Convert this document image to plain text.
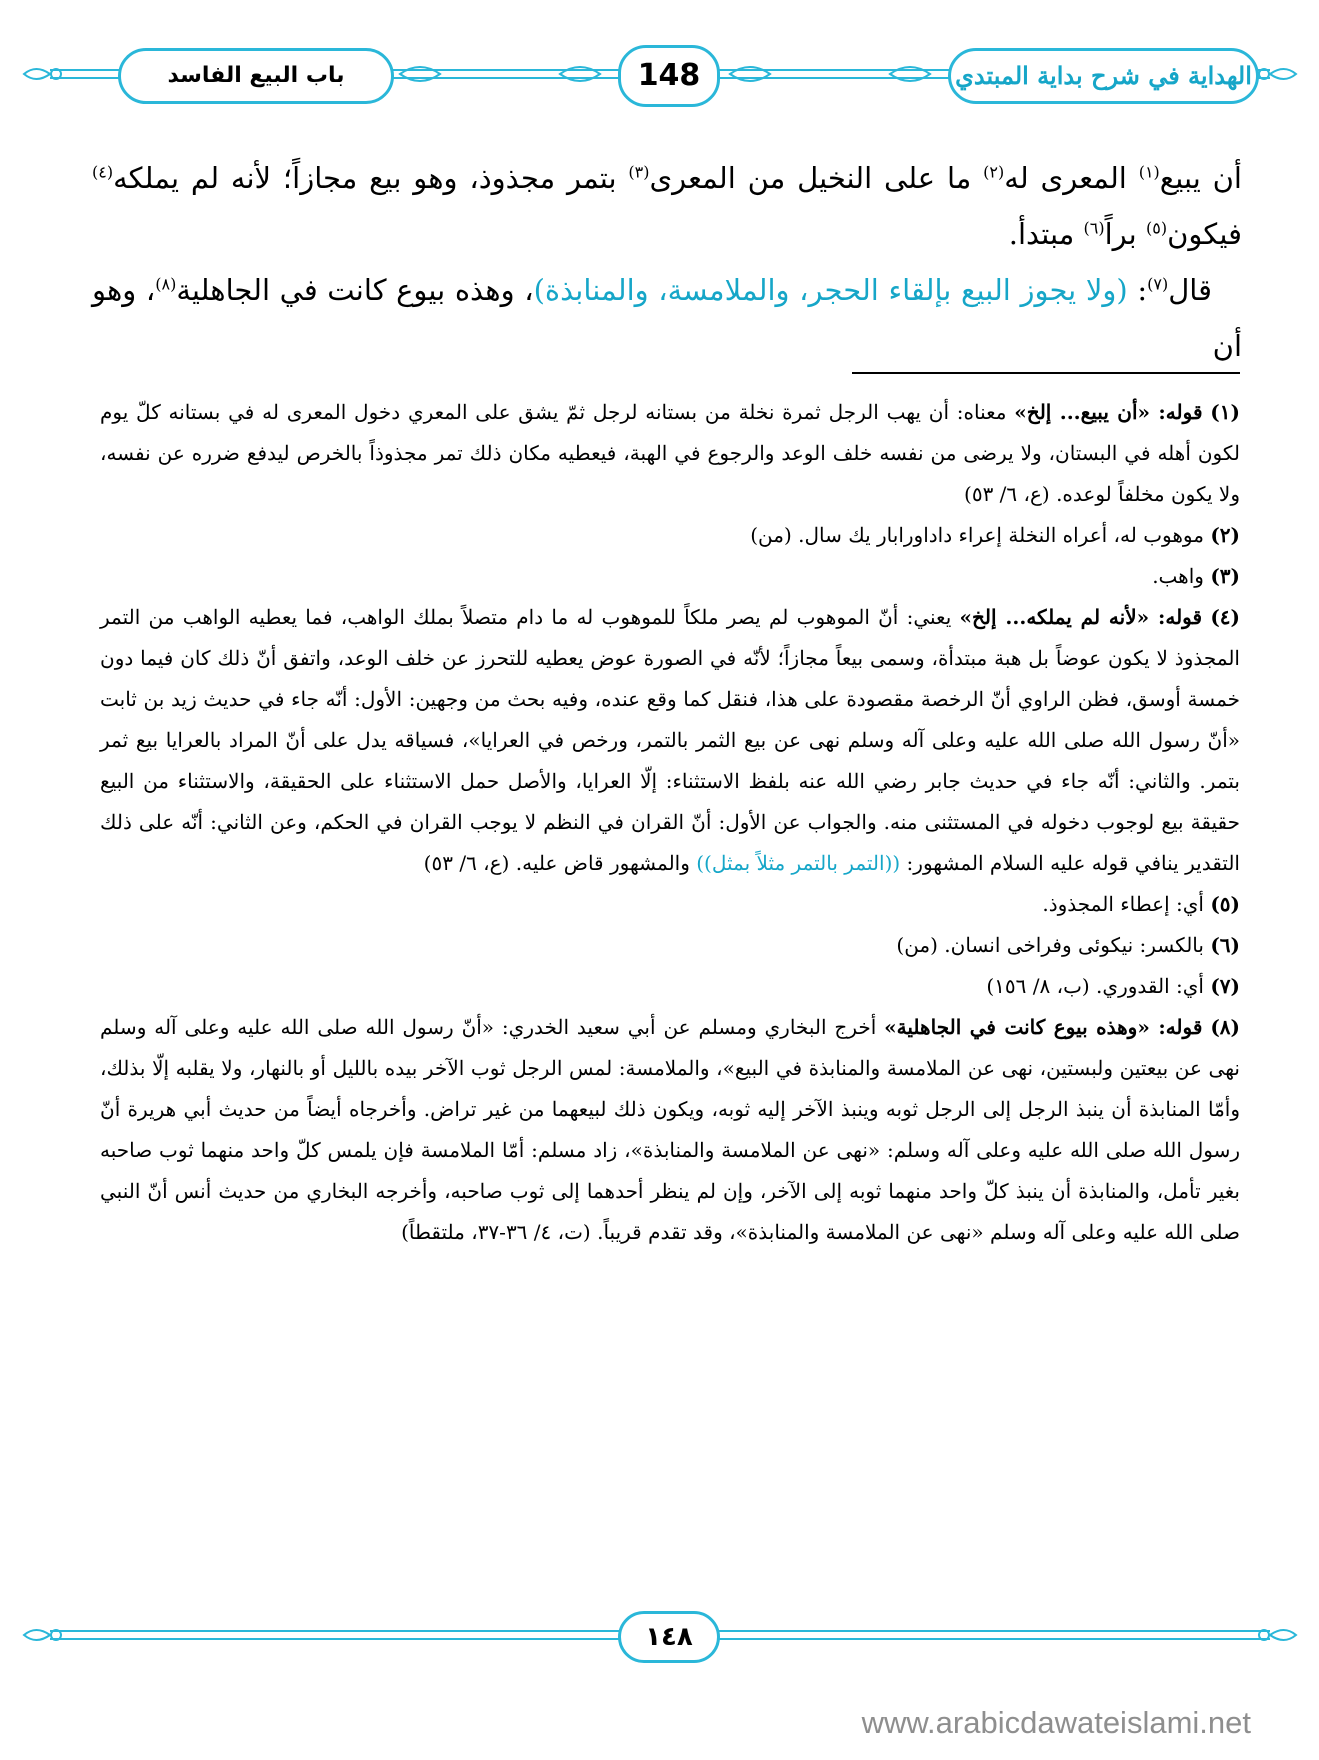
باب البيع الفاسد	148	الهداية في شرح بداية المبتدي

أن يبيع$^{(١)}$ المعرى له$^{(٢)}$ ما على النخيل من المعرى$^{(٣)}$ بتمر مجذوذ، وهو بيع مجازاً؛ لأنه لم يملكه$^{(٤)}$ فيكون$^{(٥)}$ براً$^{(٦)}$ مبتدأ.

قال$^{(٧)}$: (ولا يجوز البيع بإلقاء الحجر، والملامسة، والمنابذة)، وهذه بيوع كانت في الجاهلية$^{(٨)}$، وهو أن

(١) قوله: «أن يبيع... إلخ» معناه: أن يهب الرجل ثمرة نخلة من بستانه لرجل ثمّ يشق على المعري دخول المعرى له في بستانه كلّ يوم لكون أهله في البستان، ولا يرضى من نفسه خلف الوعد والرجوع في الهبة، فيعطيه مكان ذلك تمر مجذوذاً بالخرص ليدفع ضرره عن نفسه، ولا يكون مخلفاً لوعده. (ع، ٦/ ٥٣)

(٢) موهوب له، أعراه النخلة إعراء داداورابار يك سال. (من)

(٣) واهب.

(٤) قوله: «لأنه لم يملكه... إلخ» يعني: أنّ الموهوب لم يصر ملكاً للموهوب له ما دام متصلاً بملك الواهب، فما يعطيه الواهب من التمر المجذوذ لا يكون عوضاً بل هبة مبتدأة، وسمى بيعاً مجازاً؛ لأنّه في الصورة عوض يعطيه للتحرز عن خلف الوعد، واتفق أنّ ذلك كان فيما دون خمسة أوسق، فظن الراوي أنّ الرخصة مقصودة على هذا، فنقل كما وقع عنده، وفيه بحث من وجهين: الأول: أنّه جاء في حديث زيد بن ثابت «أنّ رسول الله صلى الله عليه وعلى آله وسلم نهى عن بيع الثمر بالتمر، ورخص في العرايا»، فسياقه يدل على أنّ المراد بالعرايا بيع ثمر بتمر. والثاني: أنّه جاء في حديث جابر رضي الله عنه بلفظ الاستثناء: إلّا العرايا، والأصل حمل الاستثناء على الحقيقة، والاستثناء من البيع حقيقة بيع لوجوب دخوله في المستثنى منه. والجواب عن الأول: أنّ القران في النظم لا يوجب القران في الحكم، وعن الثاني: أنّه على ذلك التقدير ينافي قوله عليه السلام المشهور: ((التمر بالتمر مثلاً بمثل)) والمشهور قاض عليه. (ع، ٦/ ٥٣)

(٥) أي: إعطاء المجذوذ.

(٦) بالكسر: نيكوئى وفراخى انسان. (من)

(٧) أي: القدوري. (ب، ٨/ ١٥٦)

(٨) قوله: «وهذه بيوع كانت في الجاهلية» أخرج البخاري ومسلم عن أبي سعيد الخدري: «أنّ رسول الله صلى الله عليه وعلى آله وسلم نهى عن بيعتين ولبستين، نهى عن الملامسة والمنابذة في البيع»، والملامسة: لمس الرجل ثوب الآخر بيده بالليل أو بالنهار، ولا يقلبه إلّا بذلك، وأمّا المنابذة أن ينبذ الرجل إلى الرجل ثوبه وينبذ الآخر إليه ثوبه، ويكون ذلك لبيعهما من غير تراض. وأخرجاه أيضاً من حديث أبي هريرة أنّ رسول الله صلى الله عليه وعلى آله وسلم: «نهى عن الملامسة والمنابذة»، زاد مسلم: أمّا الملامسة فإن يلمس كلّ واحد منهما ثوب صاحبه بغير تأمل، والمنابذة أن ينبذ كلّ واحد منهما ثوبه إلى الآخر، وإن لم ينظر أحدهما إلى ثوب صاحبه، وأخرجه البخاري من حديث أنس أنّ النبي صلى الله عليه وعلى آله وسلم «نهى عن الملامسة والمنابذة»، وقد تقدم قريباً. (ت، ٤/ ٣٦-٣٧، ملتقطاً)

١٤٨
www.arabicdawateislami.net
